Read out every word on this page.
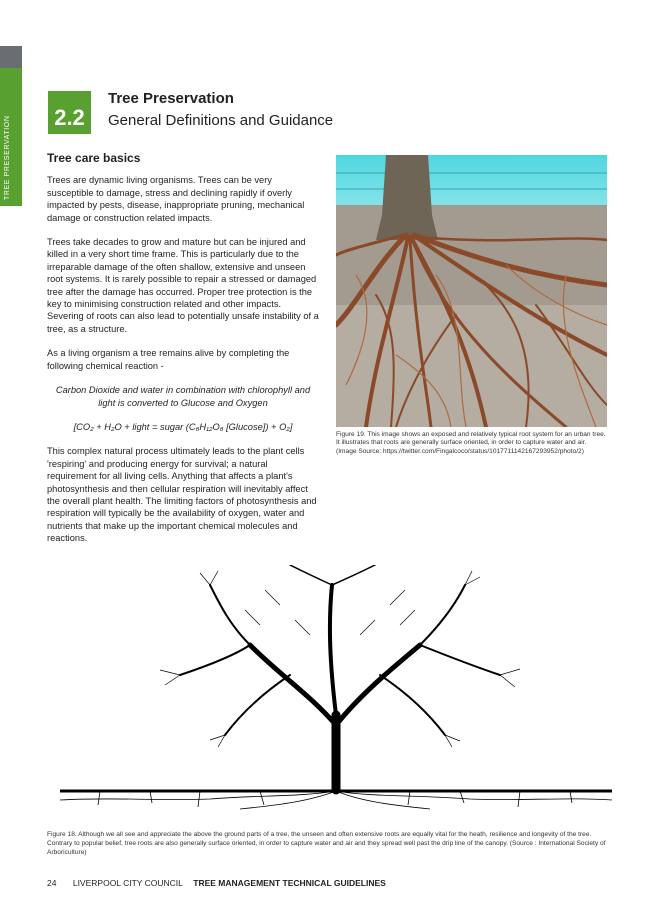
TREE PRESERVATION 2.2
Tree Preservation
General Definitions and Guidance
Tree care basics

Trees are dynamic living organisms. Trees can be very susceptible to damage, stress and declining rapidly if overly impacted by pests, disease, inappropriate pruning, mechanical damage or construction related impacts.

Trees take decades to grow and mature but can be injured and killed in a very short time frame. This is particularly due to the irreparable damage of the often shallow, extensive and unseen root systems. It is rarely possible to repair a stressed or damaged tree after the damage has occurred. Proper tree protection is the key to minimising construction related and other impacts. Severing of roots can also lead to potentially unsafe instability of a tree, as a structure.

As a living organism a tree remains alive by completing the following chemical reaction -

Carbon Dioxide and water in combination with chlorophyll and light is converted to Glucose and Oxygen

[CO₂ + H₂O + light = sugar (C₆H₁₂O₆ [Glucose]) + O₂]

This complex natural process ultimately leads to the plant cells 'respiring' and producing energy for survival; a natural requirement for all living cells. Anything that affects a plant's photosynthesis and then cellular respiration will inevitably affect the overall plant health. The limiting factors of photosynthesis and respiration will typically be the availability of oxygen, water and nutrients that make up the important chemical molecules and reactions.

Figure 19. This image shows an exposed and relatively typical root system for an urban tree. It illustrates that roots are generally surface oriented, in order to capture water and air. (Image Source: https://twitter.com/Fingalcoco/status/1017711142167293952/photo/2)
Figure 18. Although we all see and appreciate the above the ground parts of a tree, the unseen and often extensive roots are equally vital for the heath, resilience and longevity of the tree. Contrary to popular belief, tree roots are also generally surface oriented, in order to capture water and air and they spread well past the drip line of the canopy. (Source : International Society of Arboriculture)
24 LIVERPOOL CITY COUNCIL TREE MANAGEMENT TECHNICAL GUIDELINES
